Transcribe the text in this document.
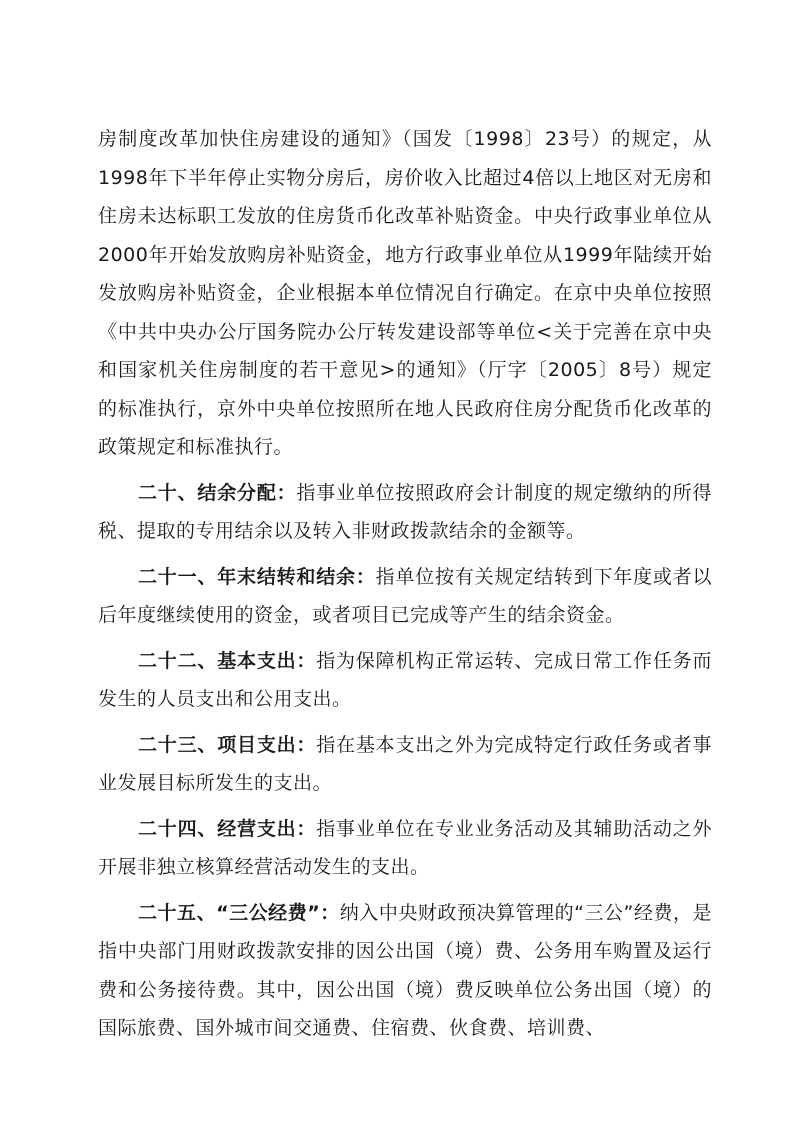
房制度改革加快住房建设的通知》（国发〔1998〕23号）的规定，从1998年下半年停止实物分房后，房价收入比超过4倍以上地区对无房和住房未达标职工发放的住房货币化改革补贴资金。中央行政事业单位从2000年开始发放购房补贴资金，地方行政事业单位从1999年陆续开始发放购房补贴资金，企业根据本单位情况自行确定。在京中央单位按照《中共中央办公厅国务院办公厅转发建设部等单位<关于完善在京中央和国家机关住房制度的若干意见>的通知》（厅字〔2005〕8号）规定的标准执行，京外中央单位按照所在地人民政府住房分配货币化改革的政策规定和标准执行。

二十、结余分配：指事业单位按照政府会计制度的规定缴纳的所得税、提取的专用结余以及转入非财政拨款结余的金额等。

二十一、年末结转和结余：指单位按有关规定结转到下年度或者以后年度继续使用的资金，或者项目已完成等产生的结余资金。

二十二、基本支出：指为保障机构正常运转、完成日常工作任务而发生的人员支出和公用支出。

二十三、项目支出：指在基本支出之外为完成特定行政任务或者事业发展目标所发生的支出。

二十四、经营支出：指事业单位在专业业务活动及其辅助活动之外开展非独立核算经营活动发生的支出。

二十五、“三公经费”：纳入中央财政预决算管理的“三公”经费，是指中央部门用财政拨款安排的因公出国（境）费、公务用车购置及运行费和公务接待费。其中，因公出国（境）费反映单位公务出国（境）的国际旅费、国外城市间交通费、住宿费、伙食费、培训费、
